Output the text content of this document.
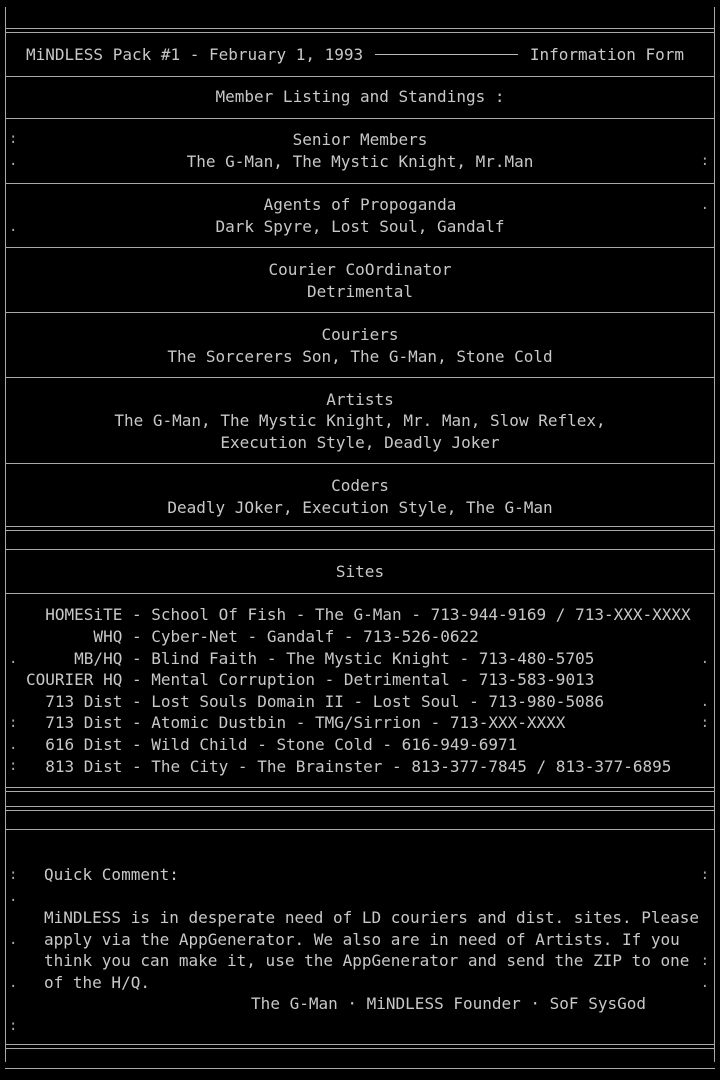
MiNDLESS Pack #1 - February 1, 1993	Information Form
Member Listing and Standings :
Senior Members
The G-Man, The Mystic Knight, Mr.Man
Agents of Propoganda
Dark Spyre, Lost Soul, Gandalf
Courier CoOrdinator
Detrimental
Couriers
The Sorcerers Son, The G-Man, Stone Cold
Artists
The G-Man, The Mystic Knight, Mr. Man, Slow Reflex,
Execution Style, Deadly Joker
Coders
Deadly JOker, Execution Style, The G-Man
Sites
HOMESiTE - School Of Fish - The G-Man - 713-944-9169 / 713-XXX-XXXX
WHQ - Cyber-Net - Gandalf - 713-526-0622
MB/HQ - Blind Faith - The Mystic Knight - 713-480-5705
COURIER HQ - Mental Corruption - Detrimental - 713-583-9013
713 Dist - Lost Souls Domain II - Lost Soul - 713-980-5086
713 Dist - Atomic Dustbin - TMG/Sirrion - 713-XXX-XXXX
616 Dist - Wild Child - Stone Cold - 616-949-6971
813 Dist - The City - The Brainster - 813-377-7845 / 813-377-6895
Quick Comment:
MiNDLESS is in desperate need of LD couriers and dist. sites. Please
apply via the AppGenerator. We also are in need of Artists. If you
think you can make it, use the AppGenerator and send the ZIP to one
of the H/Q.
The G-Man · MiNDLESS Founder · SoF SysGod
:
.
.
.
:
.
:
:
.
.
.
:
:
.
.
.
:
:
:
.
